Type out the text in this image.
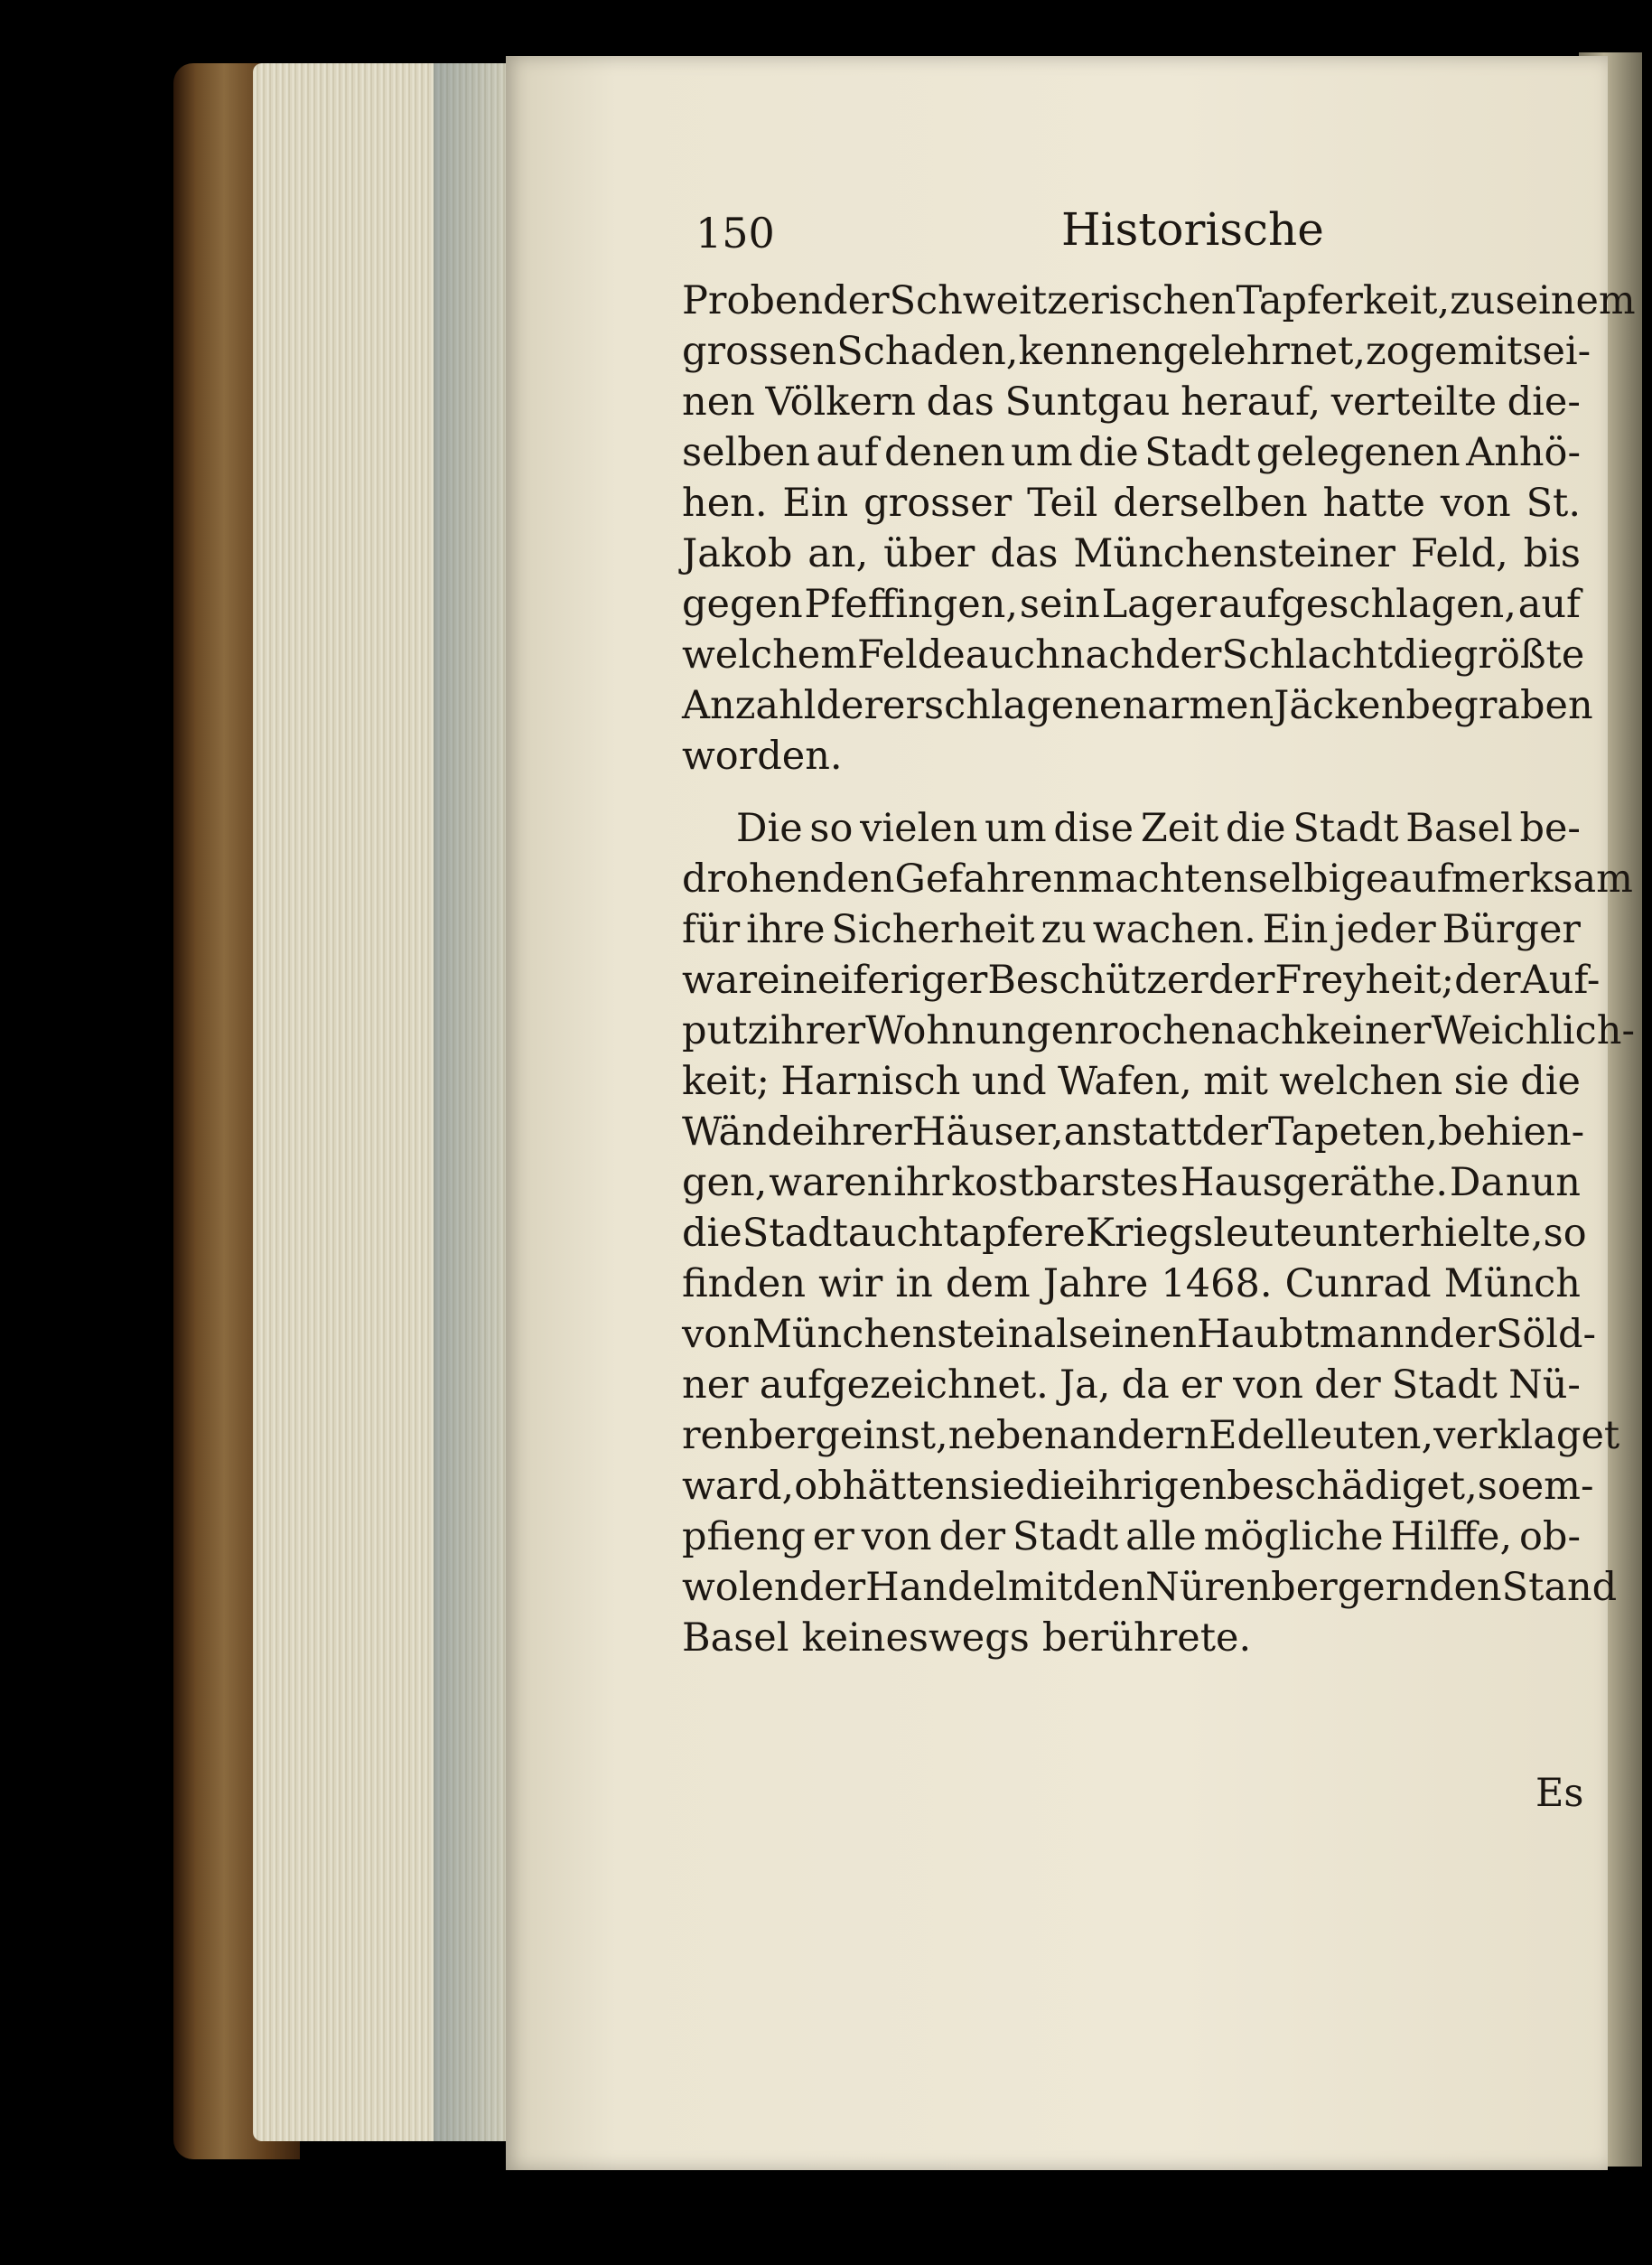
150	Historische
Proben der Schweitzerischen Tapferkeit, zu seinem
grossen Schaden, kennen gelehrnet, zoge mit sei-
nen Völkern das Suntgau herauf, verteilte die-
selben auf denen um die Stadt gelegenen Anhö-
hen. Ein grosser Teil derselben hatte von St.
Jakob an, über das Münchensteiner Feld, bis
gegen Pfeffingen, sein Lager aufgeschlagen, auf
welchem Felde auch nach der Schlacht die größte
Anzahl der erschlagenen armen Jäcken begraben
worden.
Die so vielen um dise Zeit die Stadt Basel be-
drohenden Gefahren machten selbige aufmerksam
für ihre Sicherheit zu wachen. Ein jeder Bürger
war ein eiferiger Beschützer der Freyheit; der Auf-
putz ihrer Wohnungen roche nach keiner Weichlich-
keit; Harnisch und Wafen, mit welchen sie die
Wände ihrer Häuser, anstatt der Tapeten, behien-
gen, waren ihr kostbarstes Hausgeräthe. Da nun
die Stadt auch tapfere Kriegsleute unterhielte, so
finden wir in dem Jahre 1468. Cunrad Münch
von Münchenstein als einen Haubtmann der Söld-
ner aufgezeichnet. Ja, da er von der Stadt Nü-
renberg einst, neben andern Edelleuten, verklaget
ward, ob hätten sie die ihrigen beschädiget, so em-
pfieng er von der Stadt alle mögliche Hilffe, ob-
wolen der Handel mit den Nürenbergern den Stand
Basel keineswegs berührete.
Es
